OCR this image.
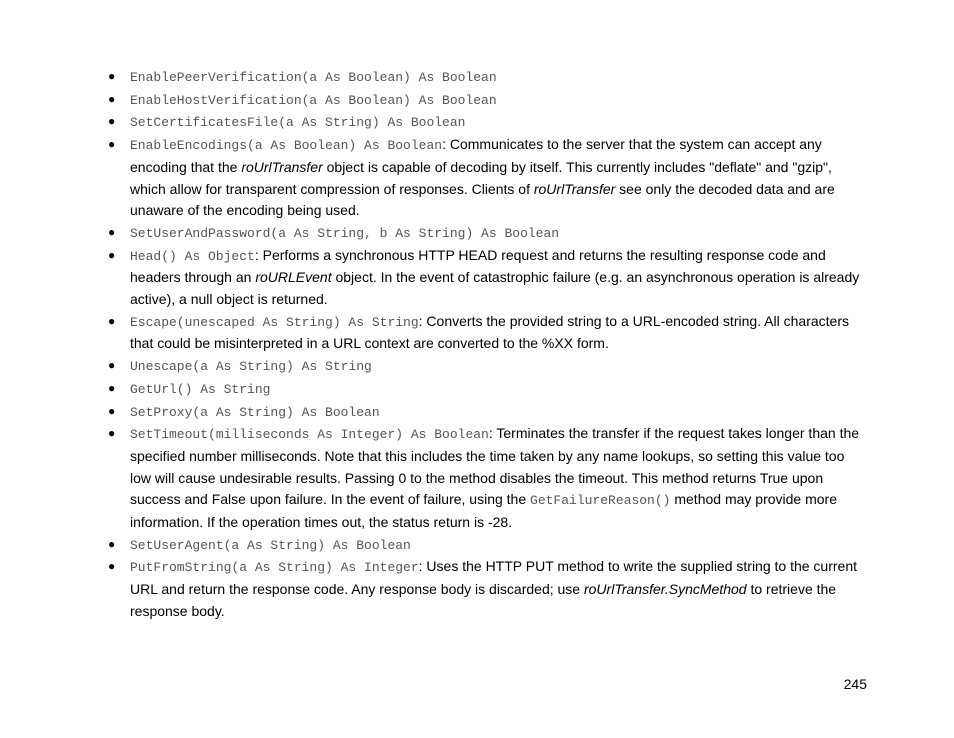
● EnablePeerVerification(a As Boolean) As Boolean
● EnableHostVerification(a As Boolean) As Boolean
● SetCertificatesFile(a As String) As Boolean
● EnableEncodings(a As Boolean) As Boolean: Communicates to the server that the system can accept any encoding that the roUrlTransfer object is capable of decoding by itself. This currently includes "deflate" and "gzip", which allow for transparent compression of responses. Clients of roUrlTransfer see only the decoded data and are unaware of the encoding being used.
● SetUserAndPassword(a As String, b As String) As Boolean
● Head() As Object: Performs a synchronous HTTP HEAD request and returns the resulting response code and headers through an roURLEvent object. In the event of catastrophic failure (e.g. an asynchronous operation is already active), a null object is returned.
● Escape(unescaped As String) As String: Converts the provided string to a URL-encoded string. All characters that could be misinterpreted in a URL context are converted to the %XX form.
● Unescape(a As String) As String
● GetUrl() As String
● SetProxy(a As String) As Boolean
● SetTimeout(milliseconds As Integer) As Boolean: Terminates the transfer if the request takes longer than the specified number milliseconds. Note that this includes the time taken by any name lookups, so setting this value too low will cause undesirable results. Passing 0 to the method disables the timeout. This method returns True upon success and False upon failure. In the event of failure, using the GetFailureReason() method may provide more information. If the operation times out, the status return is -28.
● SetUserAgent(a As String) As Boolean
● PutFromString(a As String) As Integer: Uses the HTTP PUT method to write the supplied string to the current URL and return the response code. Any response body is discarded; use roUrlTransfer.SyncMethod to retrieve the response body.
245
